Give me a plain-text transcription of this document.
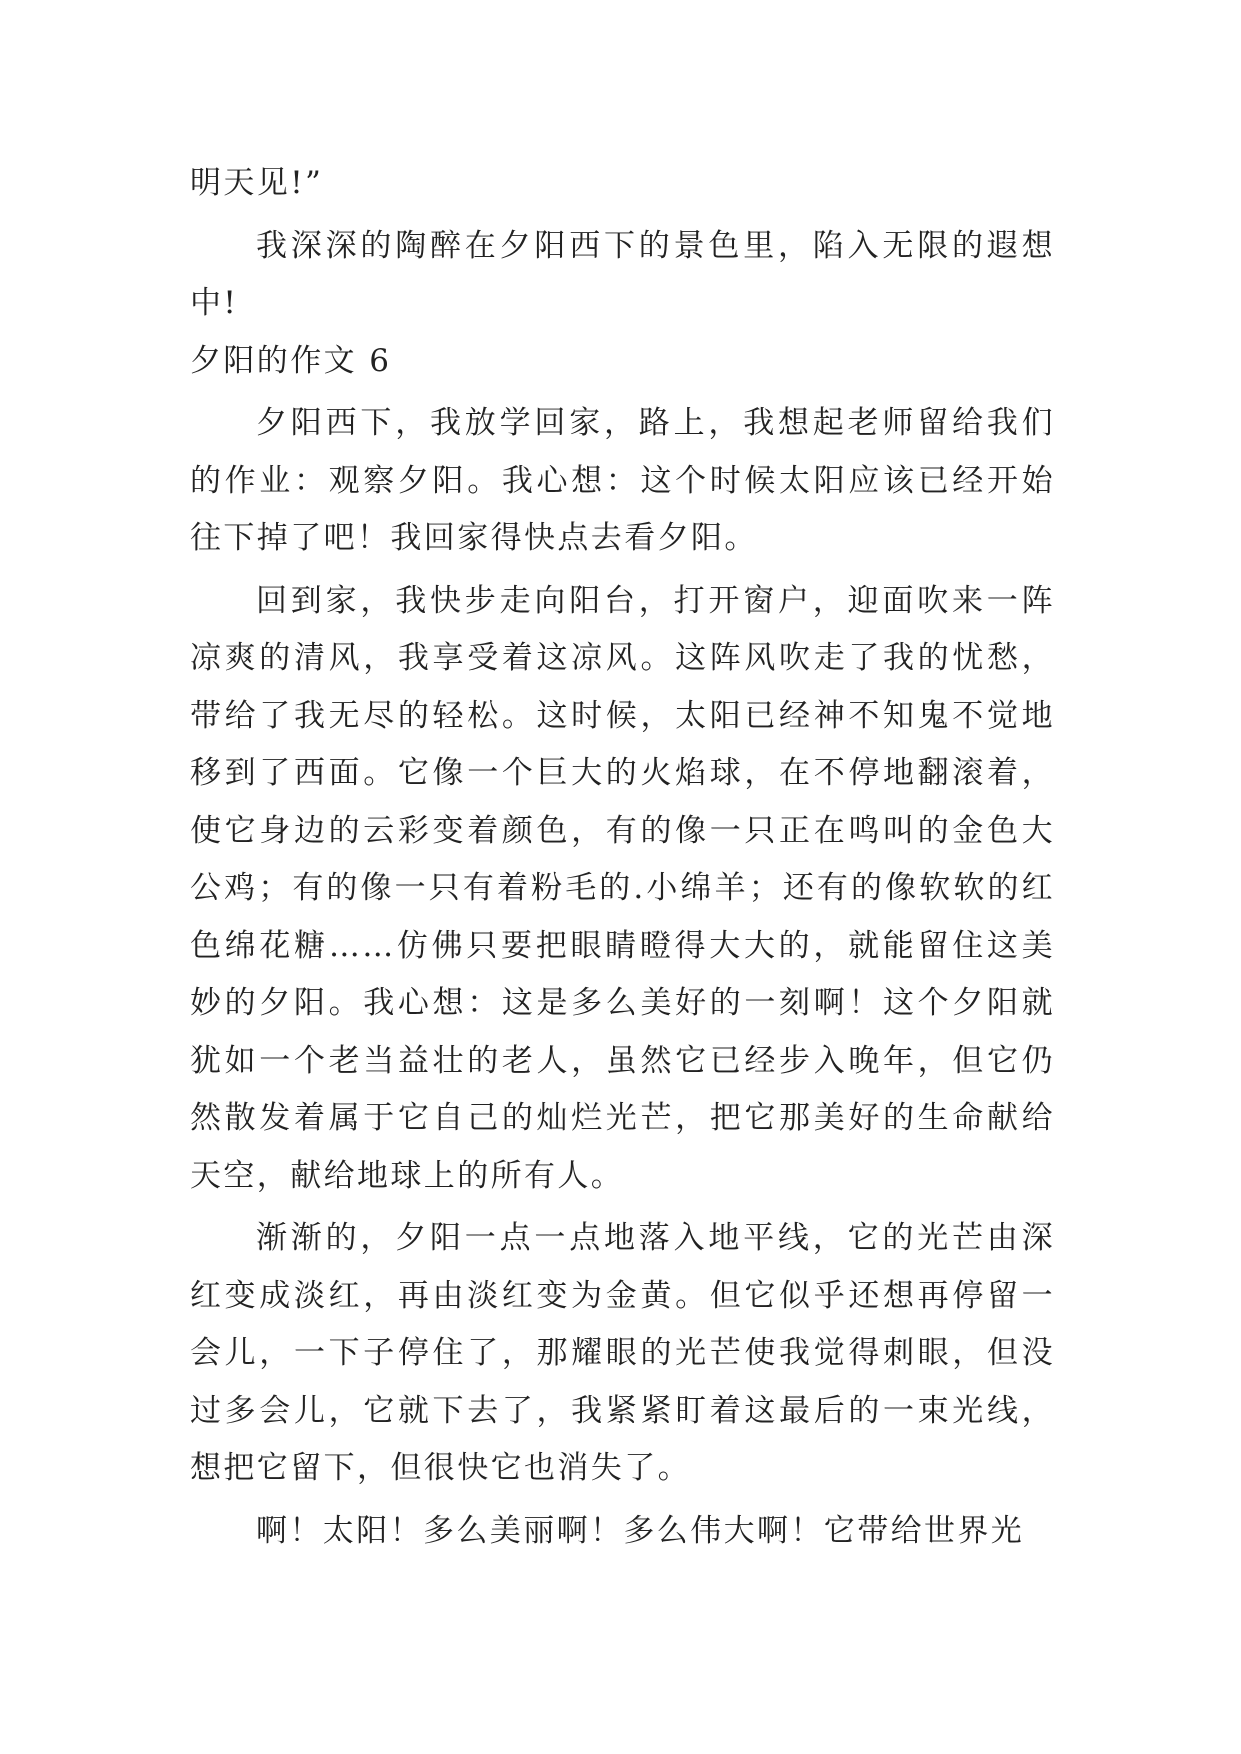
明天见!”

我深深的陶醉在夕阳西下的景色里，陷入无限的遐想中!

夕阳的作文 6

夕阳西下，我放学回家，路上，我想起老师留给我们的作业：观察夕阳。我心想：这个时候太阳应该已经开始往下掉了吧！我回家得快点去看夕阳。

回到家，我快步走向阳台，打开窗户，迎面吹来一阵凉爽的清风，我享受着这凉风。这阵风吹走了我的忧愁，带给了我无尽的轻松。这时候，太阳已经神不知鬼不觉地移到了西面。它像一个巨大的火焰球，在不停地翻滚着，使它身边的云彩变着颜色，有的像一只正在鸣叫的金色大公鸡；有的像一只有着粉毛的.小绵羊；还有的像软软的红色绵花糖……仿佛只要把眼睛瞪得大大的，就能留住这美妙的夕阳。我心想：这是多么美好的一刻啊！这个夕阳就犹如一个老当益壮的老人，虽然它已经步入晚年，但它仍然散发着属于它自己的灿烂光芒，把它那美好的生命献给天空，献给地球上的所有人。

渐渐的，夕阳一点一点地落入地平线，它的光芒由深红变成淡红，再由淡红变为金黄。但它似乎还想再停留一会儿，一下子停住了，那耀眼的光芒使我觉得刺眼，但没过多会儿，它就下去了，我紧紧盯着这最后的一束光线，想把它留下，但很快它也消失了。

啊！太阳！多么美丽啊！多么伟大啊！它带给世界光
